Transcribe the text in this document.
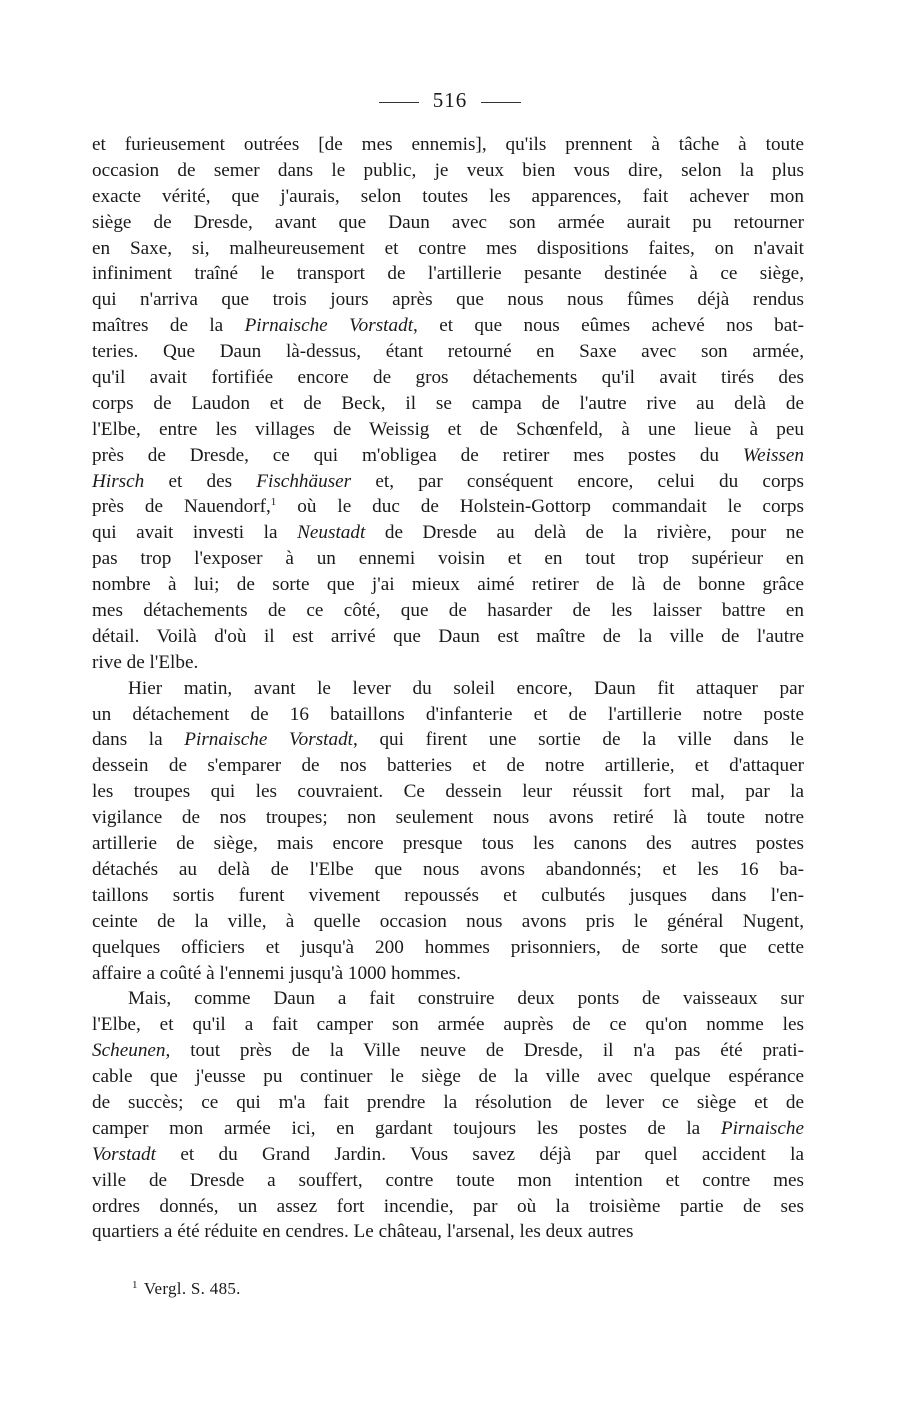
516
et furieusement outrées [de mes ennemis], qu'ils prennent à tâche à toute
occasion de semer dans le public, je veux bien vous dire, selon la plus
exacte vérité, que j'aurais, selon toutes les apparences, fait achever mon
siège de Dresde, avant que Daun avec son armée aurait pu retourner
en Saxe, si, malheureusement et contre mes dispositions faites, on n'avait
infiniment traîné le transport de l'artillerie pesante destinée à ce siège,
qui n'arriva que trois jours après que nous nous fûmes déjà rendus
maîtres de la Pirnaische Vorstadt, et que nous eûmes achevé nos bat-
teries. Que Daun là-dessus, étant retourné en Saxe avec son armée,
qu'il avait fortifiée encore de gros détachements qu'il avait tirés des
corps de Laudon et de Beck, il se campa de l'autre rive au delà de
l'Elbe, entre les villages de Weissig et de Schœnfeld, à une lieue à peu
près de Dresde, ce qui m'obligea de retirer mes postes du Weissen
Hirsch et des Fischhäuser et, par conséquent encore, celui du corps
près de Nauendorf,$^1$ où le duc de Holstein-Gottorp commandait le corps
qui avait investi la Neustadt de Dresde au delà de la rivière, pour ne
pas trop l'exposer à un ennemi voisin et en tout trop supérieur en
nombre à lui; de sorte que j'ai mieux aimé retirer de là de bonne grâce
mes détachements de ce côté, que de hasarder de les laisser battre en
détail. Voilà d'où il est arrivé que Daun est maître de la ville de l'autre
rive de l'Elbe.
Hier matin, avant le lever du soleil encore, Daun fit attaquer par
un détachement de 16 bataillons d'infanterie et de l'artillerie notre poste
dans la Pirnaische Vorstadt, qui firent une sortie de la ville dans le
dessein de s'emparer de nos batteries et de notre artillerie, et d'attaquer
les troupes qui les couvraient. Ce dessein leur réussit fort mal, par la
vigilance de nos troupes; non seulement nous avons retiré là toute notre
artillerie de siège, mais encore presque tous les canons des autres postes
détachés au delà de l'Elbe que nous avons abandonnés; et les 16 ba-
taillons sortis furent vivement repoussés et culbutés jusques dans l'en-
ceinte de la ville, à quelle occasion nous avons pris le général Nugent,
quelques officiers et jusqu'à 200 hommes prisonniers, de sorte que cette
affaire a coûté à l'ennemi jusqu'à 1000 hommes.
Mais, comme Daun a fait construire deux ponts de vaisseaux sur
l'Elbe, et qu'il a fait camper son armée auprès de ce qu'on nomme les
Scheunen, tout près de la Ville neuve de Dresde, il n'a pas été prati-
cable que j'eusse pu continuer le siège de la ville avec quelque espérance
de succès; ce qui m'a fait prendre la résolution de lever ce siège et de
camper mon armée ici, en gardant toujours les postes de la Pirnaische
Vorstadt et du Grand Jardin. Vous savez déjà par quel accident la
ville de Dresde a souffert, contre toute mon intention et contre mes
ordres donnés, un assez fort incendie, par où la troisième partie de ses
quartiers a été réduite en cendres. Le château, l'arsenal, les deux autres
$^1$ Vergl. S. 485.
